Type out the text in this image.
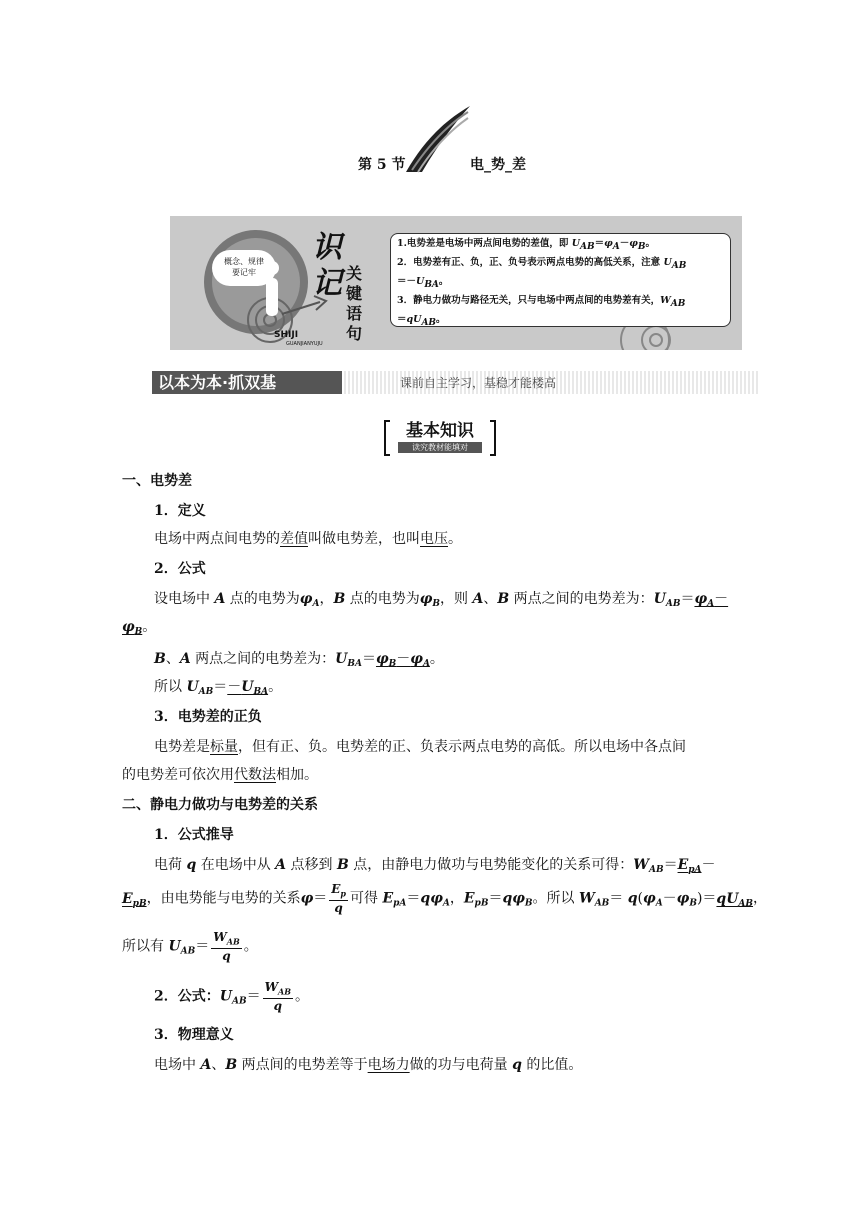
第 5 节	电_势_差
概念、规律
要记牢
识
记 关
键
语
句
SHIJI
GUANJIANYUJU
1.电势差是电场中两点间电势的差值，即 UAB＝φA－φB。
2．电势差有正、负，正、负号表示两点电势的高低关系，注意 UAB
＝－UBA。
3．静电力做功与路径无关，只与电场中两点间的电势差有关，WAB
＝qUAB。
以本为本·抓双基	课前自主学习，基稳才能楼高
基本知识
读究教材能填对
一、电势差
1．定义
电场中两点间电势的差值叫做电势差，也叫电压。
2．公式
设电场中 A 点的电势为$\varphi_A$，B 点的电势为$\varphi_B$，则 A、B 两点之间的电势差为：$U_{AB}=\varphi_A-$
$\varphi_B$。
B、A 两点之间的电势差为：$U_{BA}=\varphi_B-\varphi_A$。
所以 $U_{AB}=-U_{BA}$。
3．电势差的正负
电势差是标量，但有正、负。电势差的正、负表示两点电势的高低。所以电场中各点间
的电势差可依次用代数法相加。
二、静电力做功与电势差的关系
1．公式推导
电荷 q 在电场中从 A 点移到 B 点，由静电力做功与电势能变化的关系可得：$W_{AB}=E_{pA}-$
$E_{pB}$，由电势能与电势的关系$\varphi= \frac{E_p}{q}$ 可得 $E_{pA}=q\varphi_A$，$E_{pB}=q\varphi_B$。所以 $W_{AB}= q(\varphi_A-\varphi_B)=qU_{AB}$，
所以有 $U_{AB}= \frac{W_{AB}}{q}$ 。
2．公式：$U_{AB}= \frac{W_{AB}}{q}$ 。
3．物理意义
电场中 A、B 两点间的电势差等于电场力做的功与电荷量 q 的比值。
